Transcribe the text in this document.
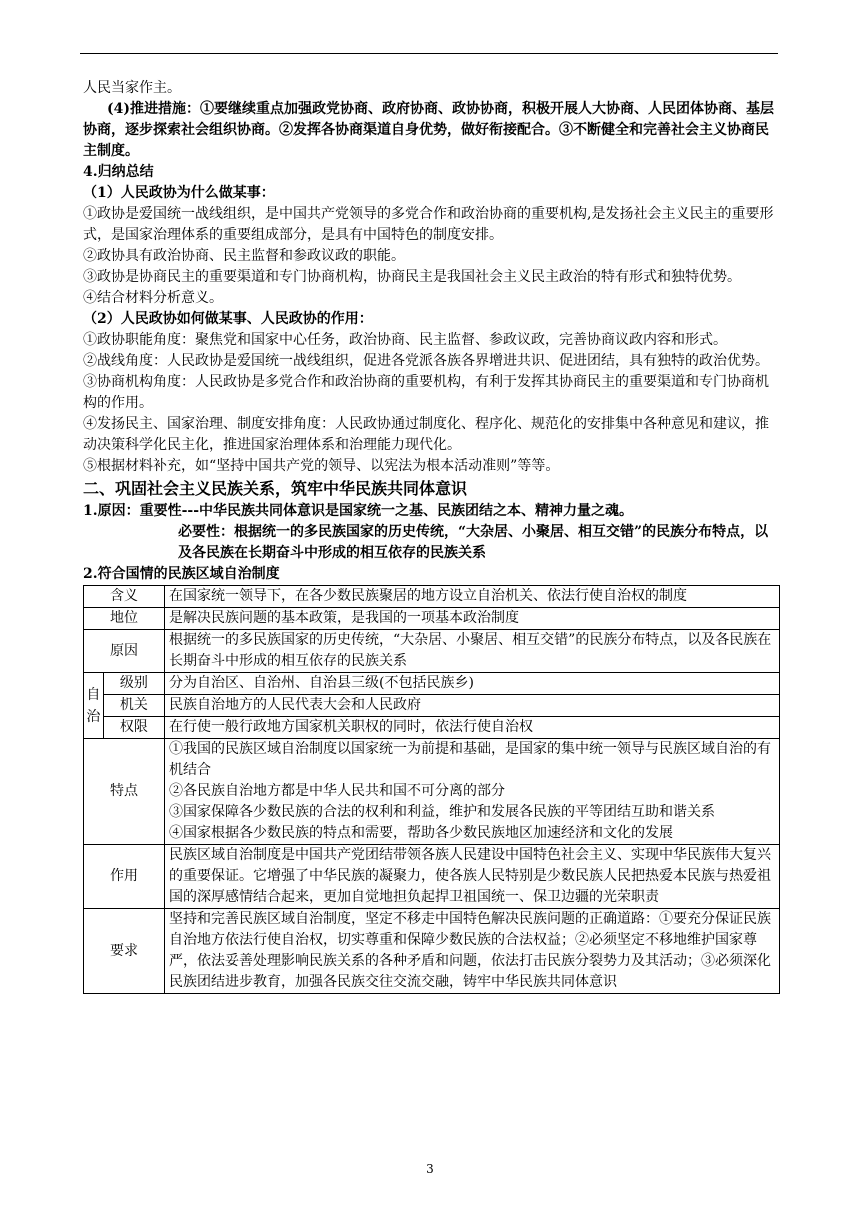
人民当家作主。

(4)推进措施：①要继续重点加强政党协商、政府协商、政协协商，积极开展人大协商、人民团体协商、基层协商，逐步探索社会组织协商。②发挥各协商渠道自身优势，做好衔接配合。③不断健全和完善社会主义协商民主制度。

4.归纳总结

（1）人民政协为什么做某事：

①政协是爱国统一战线组织，是中国共产党领导的多党合作和政治协商的重要机构,是发扬社会主义民主的重要形式，是国家治理体系的重要组成部分，是具有中国特色的制度安排。

②政协具有政治协商、民主监督和参政议政的职能。

③政协是协商民主的重要渠道和专门协商机构，协商民主是我国社会主义民主政治的特有形式和独特优势。

④结合材料分析意义。

（2）人民政协如何做某事、人民政协的作用：

①政协职能角度：聚焦党和国家中心任务，政治协商、民主监督、参政议政，完善协商议政内容和形式。

②战线角度：人民政协是爱国统一战线组织，促进各党派各族各界增进共识、促进团结，具有独特的政治优势。

③协商机构角度：人民政协是多党合作和政治协商的重要机构，有利于发挥其协商民主的重要渠道和专门协商机构的作用。

④发扬民主、国家治理、制度安排角度：人民政协通过制度化、程序化、规范化的安排集中各种意见和建议，推动决策科学化民主化，推进国家治理体系和治理能力现代化。

⑤根据材料补充，如“坚持中国共产党的领导、以宪法为根本活动准则”等等。

二、巩固社会主义民族关系，筑牢中华民族共同体意识

1.原因：重要性---中华民族共同体意识是国家统一之基、民族团结之本、精神力量之魂。

必要性：根据统一的多民族国家的历史传统，“大杂居、小聚居、相互交错”的民族分布特点，以及各民族在长期奋斗中形成的相互依存的民族关系

2.符合国情的民族区域自治制度

含义		在国家统一领导下，在各少数民族聚居的地方设立自治机关、依法行使自治权的制度
地位		是解决民族问题的基本政策，是我国的一项基本政治制度
原因		根据统一的多民族国家的历史传统，“大杂居、小聚居、相互交错”的民族分布特点，以及各民族在长期奋斗中形成的相互依存的民族关系
自治	级别	分为自治区、自治州、自治县三级(不包括民族乡)
	机关	民族自治地方的人民代表大会和人民政府
	权限	在行使一般行政地方国家机关职权的同时，依法行使自治权
特点		①我国的民族区域自治制度以国家统一为前提和基础，是国家的集中统一领导与民族区域自治的有机结合
②各民族自治地方都是中华人民共和国不可分离的部分
③国家保障各少数民族的合法的权利和利益，维护和发展各民族的平等团结互助和谐关系
④国家根据各少数民族的特点和需要，帮助各少数民族地区加速经济和文化的发展

作用		民族区域自治制度是中国共产党团结带领各族人民建设中国特色社会主义、实现中华民族伟大复兴的重要保证。它增强了中华民族的凝聚力，使各族人民特别是少数民族人民把热爱本民族与热爱祖国的深厚感情结合起来，更加自觉地担负起捍卫祖国统一、保卫边疆的光荣职责
要求		坚持和完善民族区域自治制度，坚定不移走中国特色解决民族问题的正确道路：①要充分保证民族自治地方依法行使自治权，切实尊重和保障少数民族的合法权益；②必须坚定不移地维护国家尊严，依法妥善处理影响民族关系的各种矛盾和问题，依法打击民族分裂势力及其活动；③必须深化民族团结进步教育，加强各民族交往交流交融，铸牢中华民族共同体意识
3
